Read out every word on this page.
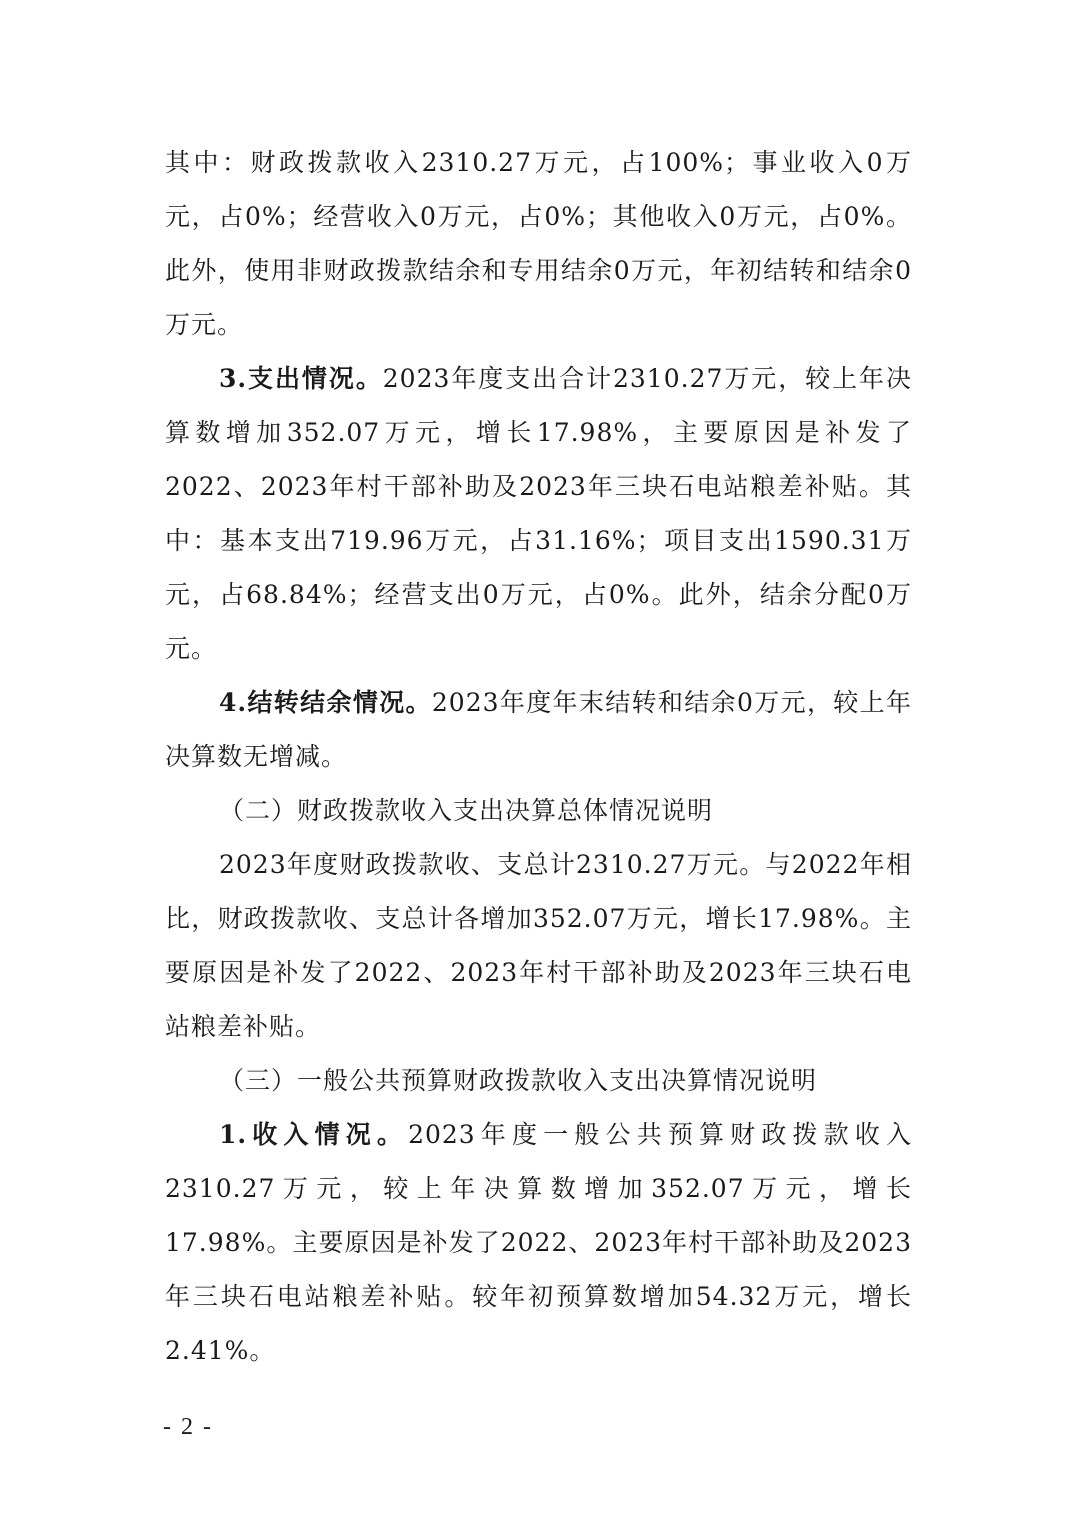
其中：财政拨款收入2310.27万元，占100%；事业收入0万元，占0%；经营收入0万元，占0%；其他收入0万元，占0%。此外，使用非财政拨款结余和专用结余0万元，年初结转和结余0万元。

3.支出情况。2023年度支出合计2310.27万元，较上年决算数增加352.07万元，增长17.98%，主要原因是补发了2022、2023年村干部补助及2023年三块石电站粮差补贴。其中：基本支出719.96万元，占31.16%；项目支出1590.31万元，占68.84%；经营支出0万元，占0%。此外，结余分配0万元。

4.结转结余情况。2023年度年末结转和结余0万元，较上年决算数无增减。

（二）财政拨款收入支出决算总体情况说明

2023年度财政拨款收、支总计2310.27万元。与2022年相比，财政拨款收、支总计各增加352.07万元，增长17.98%。主要原因是补发了2022、2023年村干部补助及2023年三块石电站粮差补贴。

（三）一般公共预算财政拨款收入支出决算情况说明

1.收入情况。2023年度一般公共预算财政拨款收入2310.27万元，较上年决算数增加352.07万元，增长17.98%。主要原因是补发了2022、2023年村干部补助及2023年三块石电站粮差补贴。较年初预算数增加54.32万元，增长2.41%。

- 2 -
